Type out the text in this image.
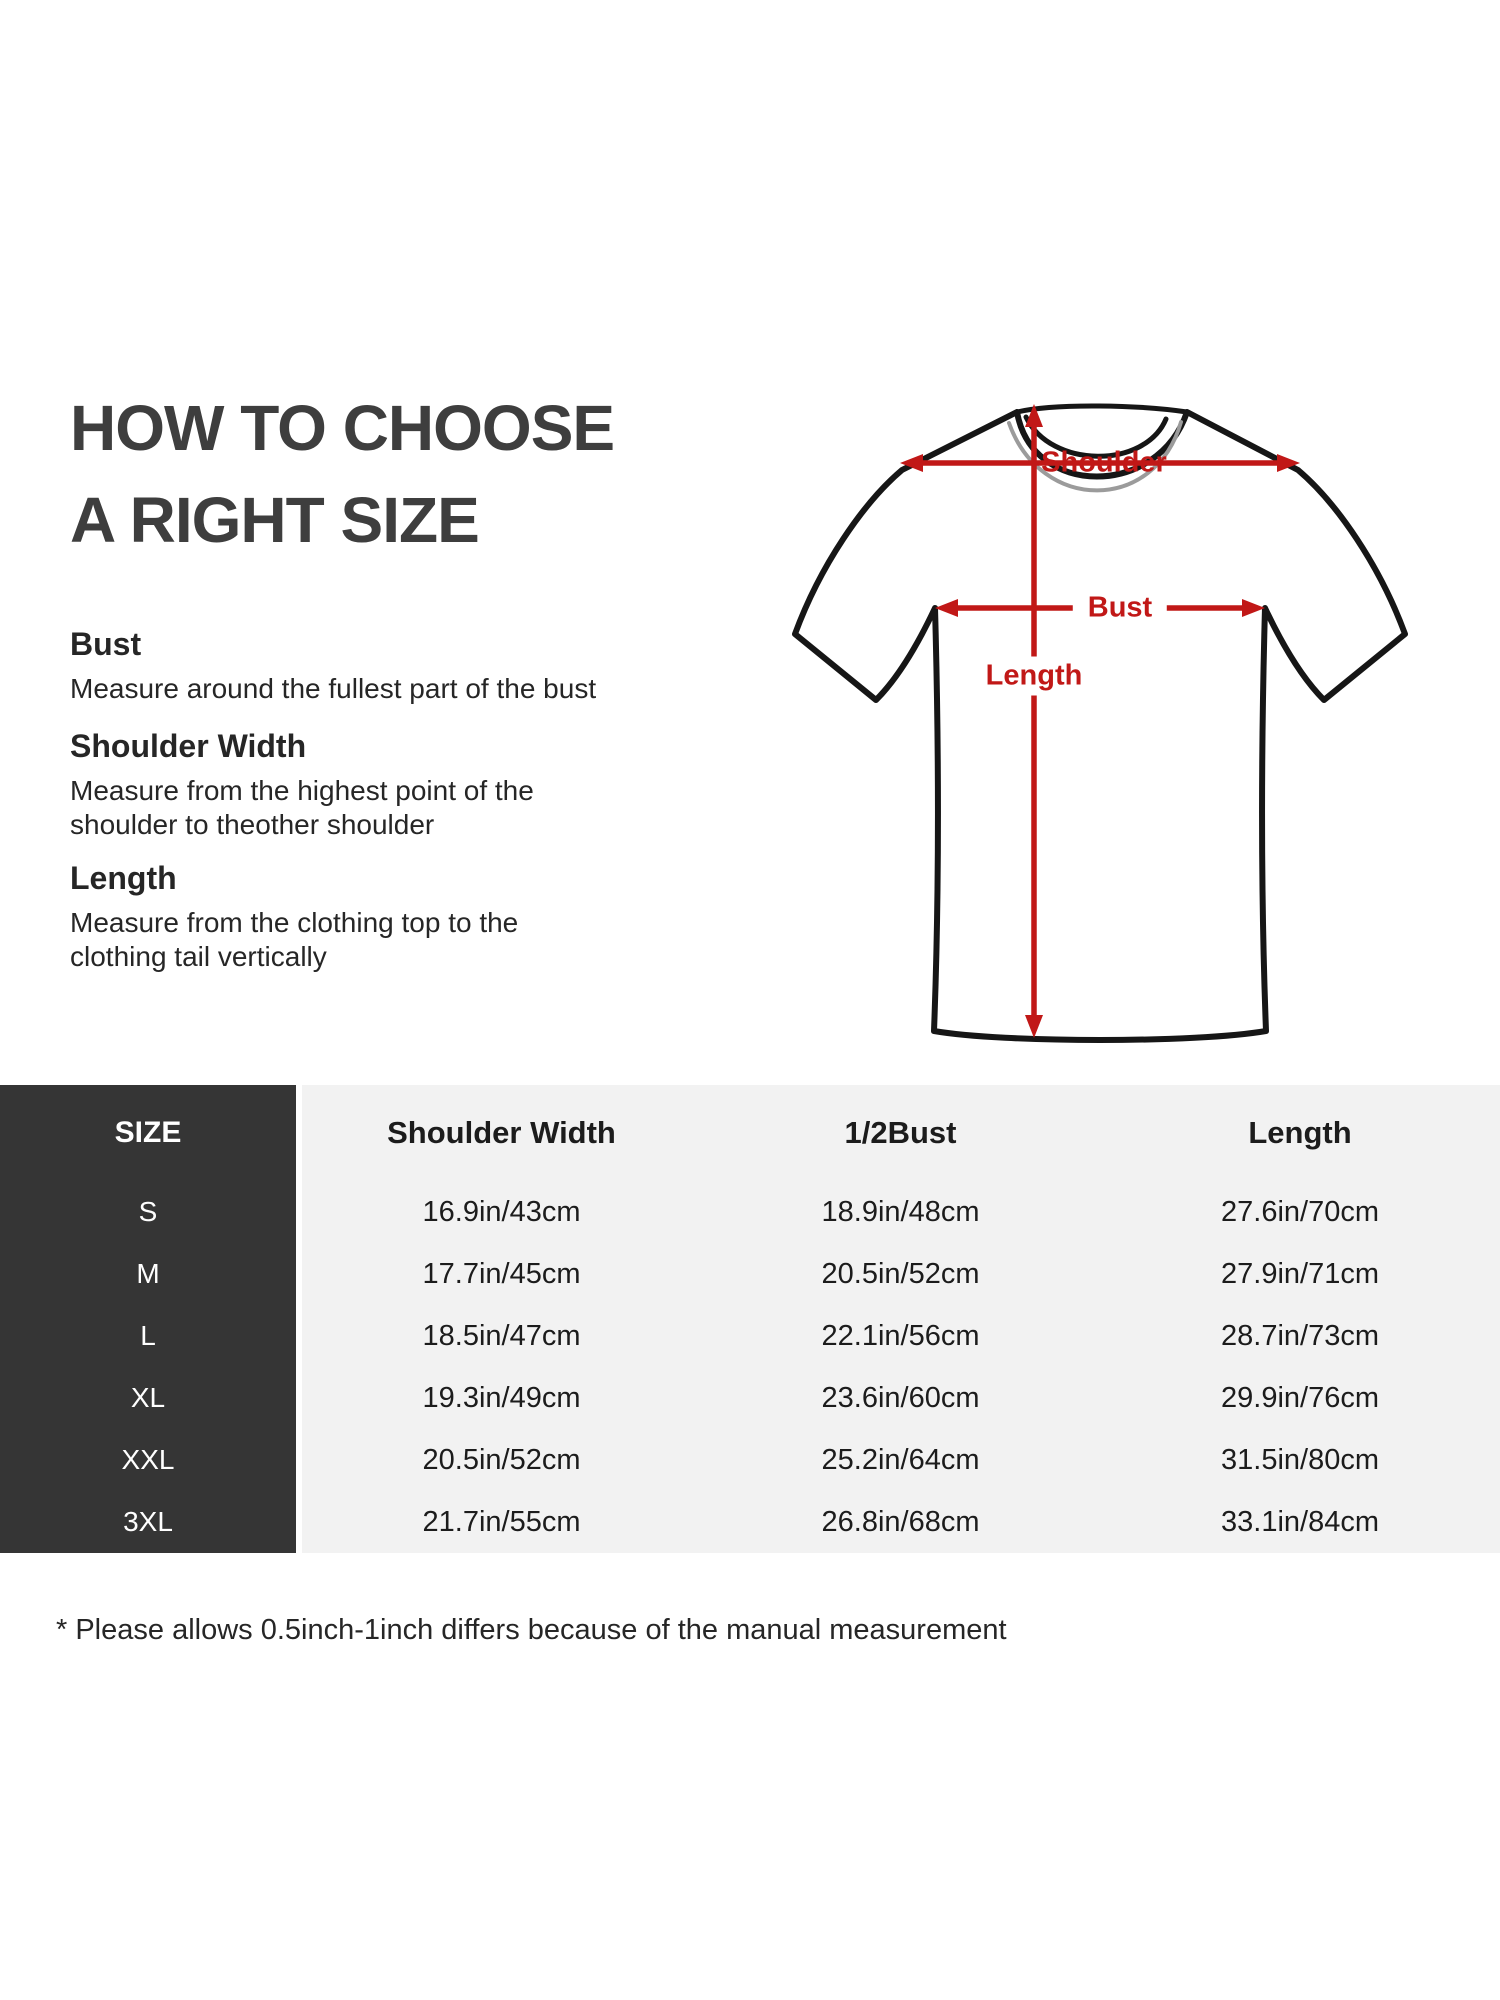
HOW TO CHOOSE
A RIGHT SIZE
Bust
Measure around the fullest part of the bust
Shoulder Width
Measure from the highest point of the
shoulder to theother shoulder
Length
Measure from the clothing top to the
clothing tail vertically
Shoulder
Bust
Length
SIZE	Shoulder Width	1/2Bust	Length
S	16.9in/43cm	18.9in/48cm	27.6in/70cm
M	17.7in/45cm	20.5in/52cm	27.9in/71cm
L	18.5in/47cm	22.1in/56cm	28.7in/73cm
XL	19.3in/49cm	23.6in/60cm	29.9in/76cm
XXL	20.5in/52cm	25.2in/64cm	31.5in/80cm
3XL	21.7in/55cm	26.8in/68cm	33.1in/84cm
* Please allows 0.5inch-1inch differs because of the manual measurement
